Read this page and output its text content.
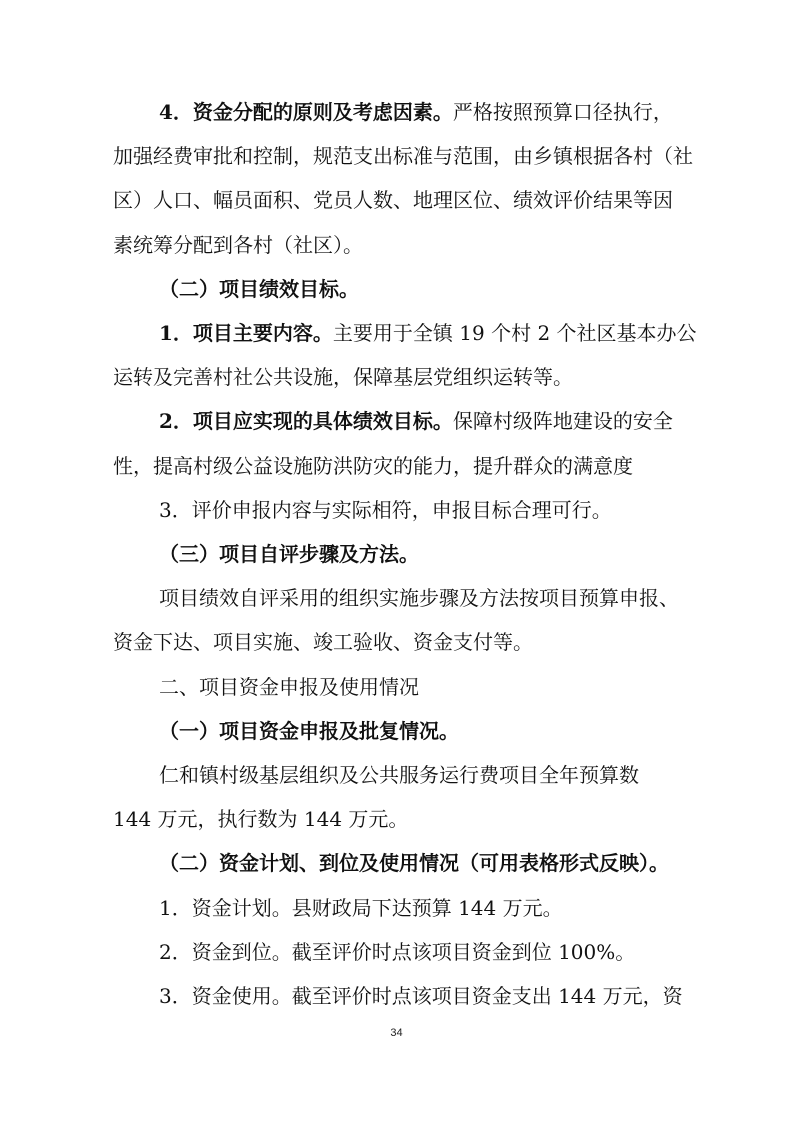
4．资金分配的原则及考虑因素。严格按照预算口径执行，
加强经费审批和控制，规范支出标准与范围，由乡镇根据各村（社
区）人口、幅员面积、党员人数、地理区位、绩效评价结果等因
素统筹分配到各村（社区）。
（二）项目绩效目标。
1．项目主要内容。主要用于全镇 19 个村 2 个社区基本办公
运转及完善村社公共设施，保障基层党组织运转等。
2．项目应实现的具体绩效目标。保障村级阵地建设的安全
性，提高村级公益设施防洪防灾的能力，提升群众的满意度
3．评价申报内容与实际相符，申报目标合理可行。
（三）项目自评步骤及方法。
项目绩效自评采用的组织实施步骤及方法按项目预算申报、
资金下达、项目实施、竣工验收、资金支付等。
二、项目资金申报及使用情况
（一）项目资金申报及批复情况。
仁和镇村级基层组织及公共服务运行费项目全年预算数
144 万元，执行数为 144 万元。
（二）资金计划、到位及使用情况（可用表格形式反映）。
1．资金计划。县财政局下达预算 144 万元。
2．资金到位。截至评价时点该项目资金到位 100%。
3．资金使用。截至评价时点该项目资金支出 144 万元，资
34
